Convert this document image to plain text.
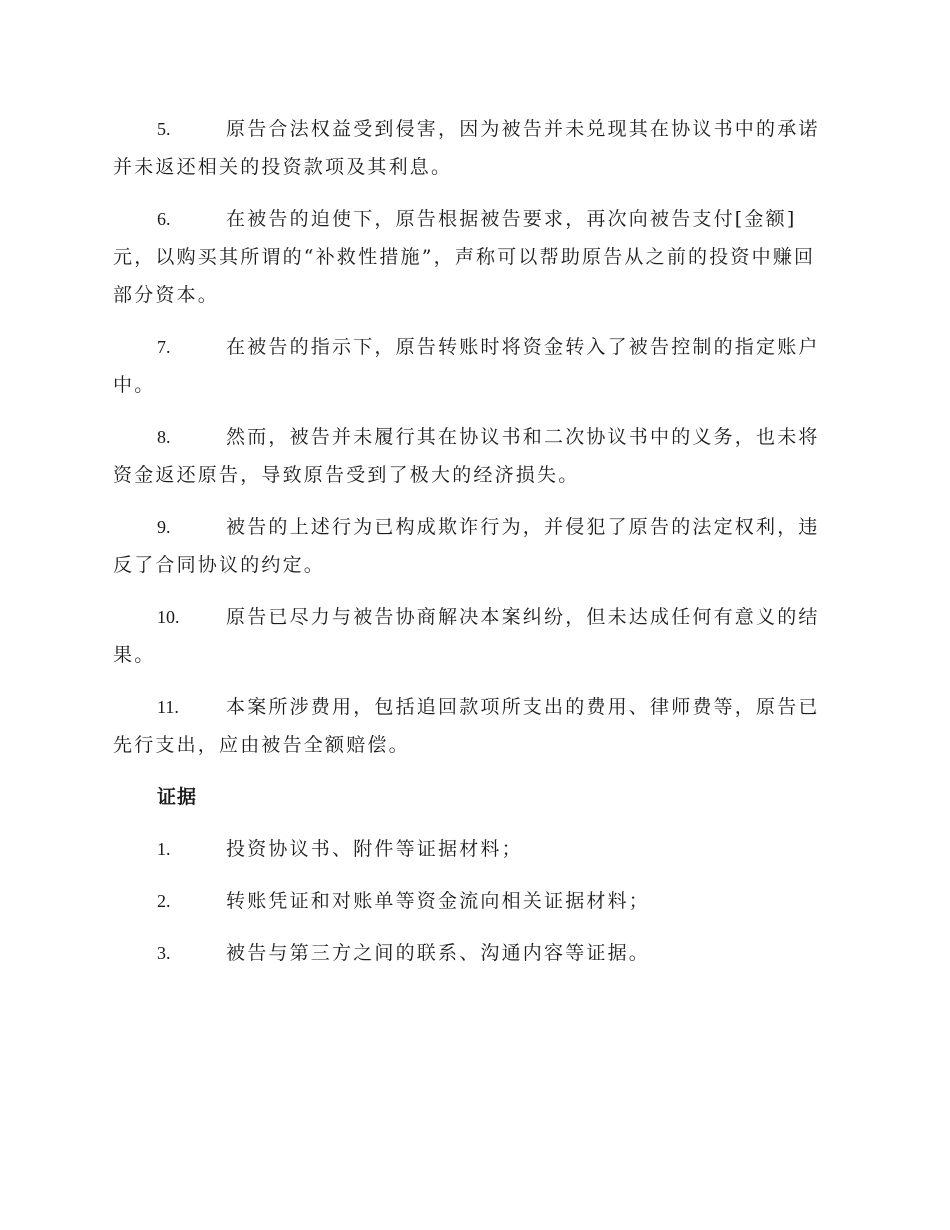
5.	原告合法权益受到侵害，因为被告并未兑现其在协议书中的承诺并未返还相关的投资款项及其利息。

6.	在被告的迫使下，原告根据被告要求，再次向被告支付[金额]元，以购买其所谓的“补救性措施”，声称可以帮助原告从之前的投资中赚回部分资本。

7.	在被告的指示下，原告转账时将资金转入了被告控制的指定账户中。

8.	然而，被告并未履行其在协议书和二次协议书中的义务，也未将资金返还原告，导致原告受到了极大的经济损失。

9.	被告的上述行为已构成欺诈行为，并侵犯了原告的法定权利，违反了合同协议的约定。

10. 原告已尽力与被告协商解决本案纠纷，但未达成任何有意义的结果。

11. 本案所涉费用，包括追回款项所支出的费用、律师费等，原告已先行支出，应由被告全额赔偿。

证据

1.	投资协议书、附件等证据材料；

2.	转账凭证和对账单等资金流向相关证据材料；

3.	被告与第三方之间的联系、沟通内容等证据。
